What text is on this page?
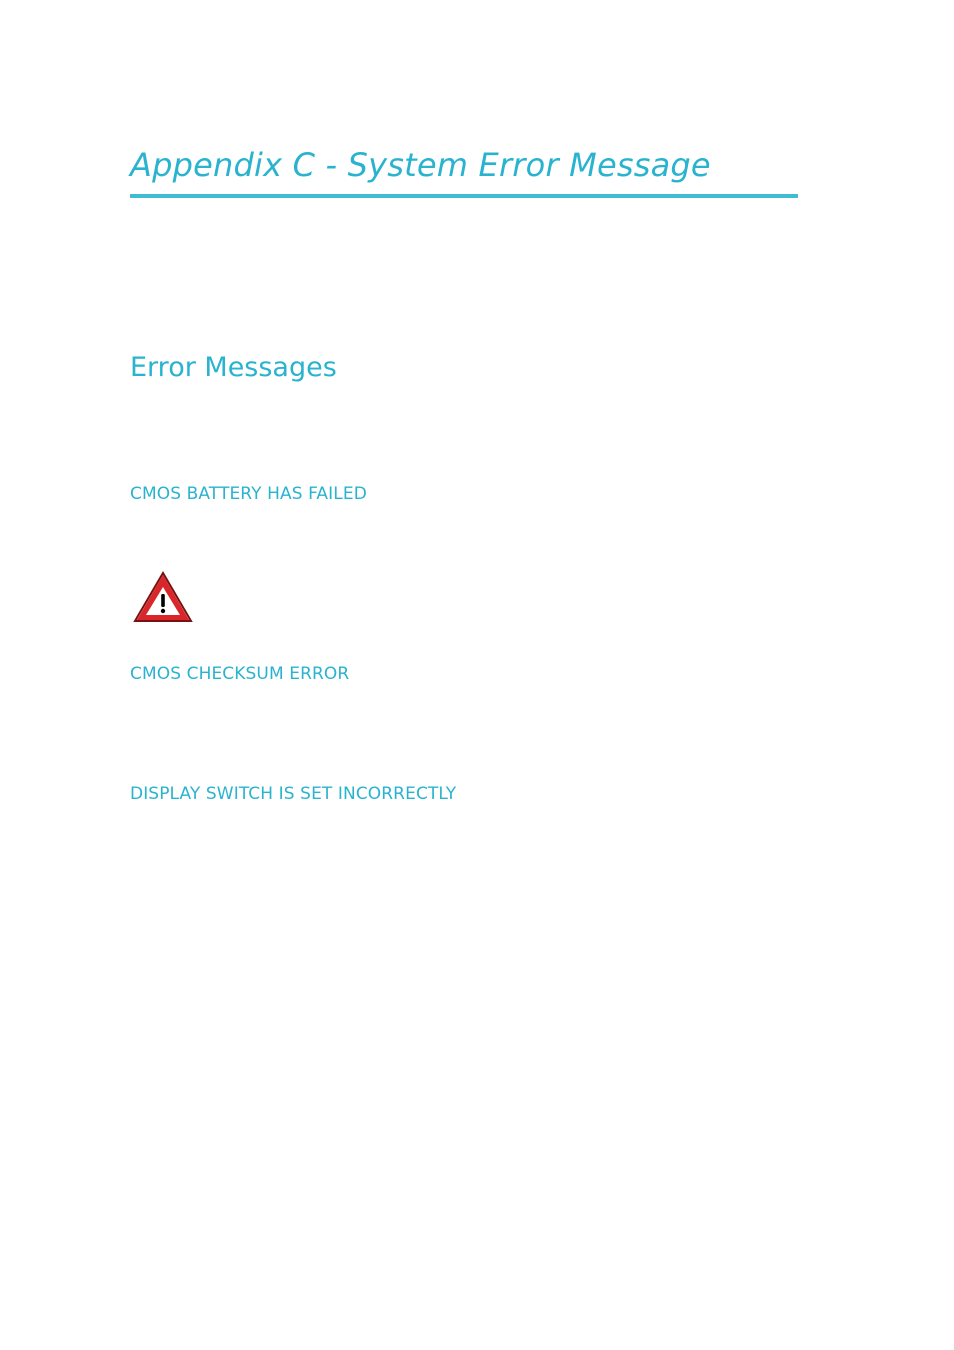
Appendix C - System Error Message
Error Messages
CMOS BATTERY HAS FAILED
CMOS CHECKSUM ERROR
DISPLAY SWITCH IS SET INCORRECTLY
